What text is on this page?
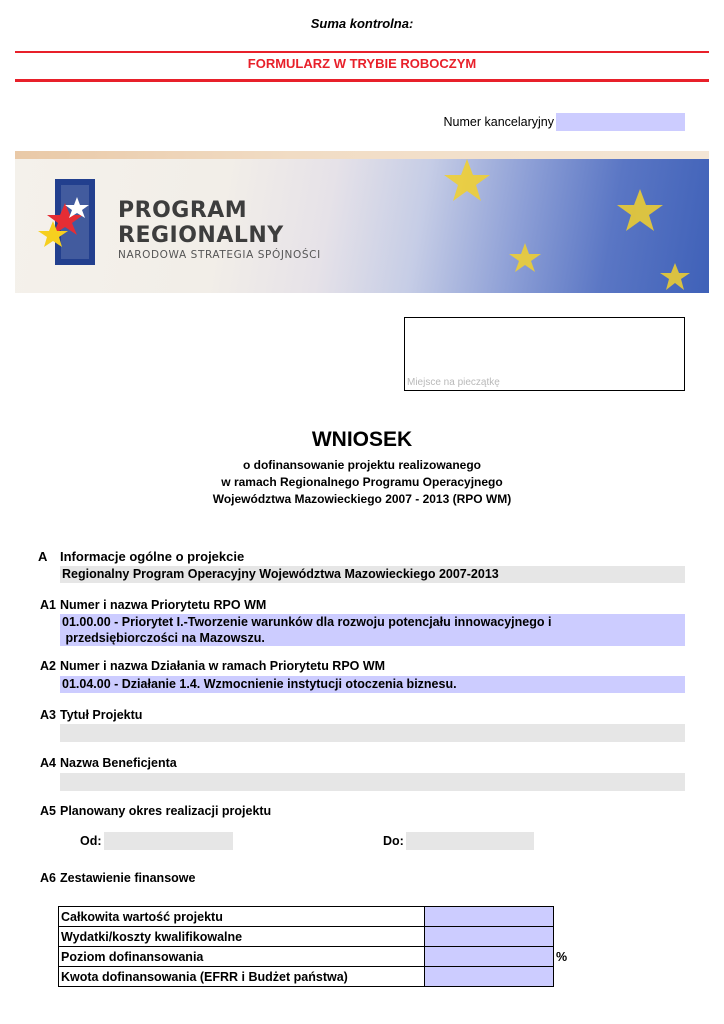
Suma kontrolna:
FORMULARZ W TRYBIE ROBOCZYM
Numer kancelaryjny
PROGRAM
REGIONALNY
NARODOWA STRATEGIA SPÓJNOŚCI
Miejsce na pieczątkę
WNIOSEK
o dofinansowanie projektu realizowanego
w ramach Regionalnego Programu Operacyjnego
Województwa Mazowieckiego 2007 - 2013 (RPO WM)
A Informacje ogólne o projekcie
Regionalny Program Operacyjny Województwa Mazowieckiego 2007-2013
A1 Numer i nazwa Priorytetu RPO WM
01.00.00 - Priorytet I.-Tworzenie warunków dla rozwoju potencjału innowacyjnego i
przedsiębiorczości na Mazowszu.
A2 Numer i nazwa Działania w ramach Priorytetu RPO WM
01.04.00 - Działanie 1.4. Wzmocnienie instytucji otoczenia biznesu.
A3 Tytuł Projektu
A4 Nazwa Beneficjenta
A5 Planowany okres realizacji projektu
Od:	Do:
A6 Zestawienie finansowe
Całkowita wartość projektu		
Wydatki/koszty kwalifikowalne		
Poziom dofinansowania		%
Kwota dofinansowania (EFRR i Budżet państwa)		
